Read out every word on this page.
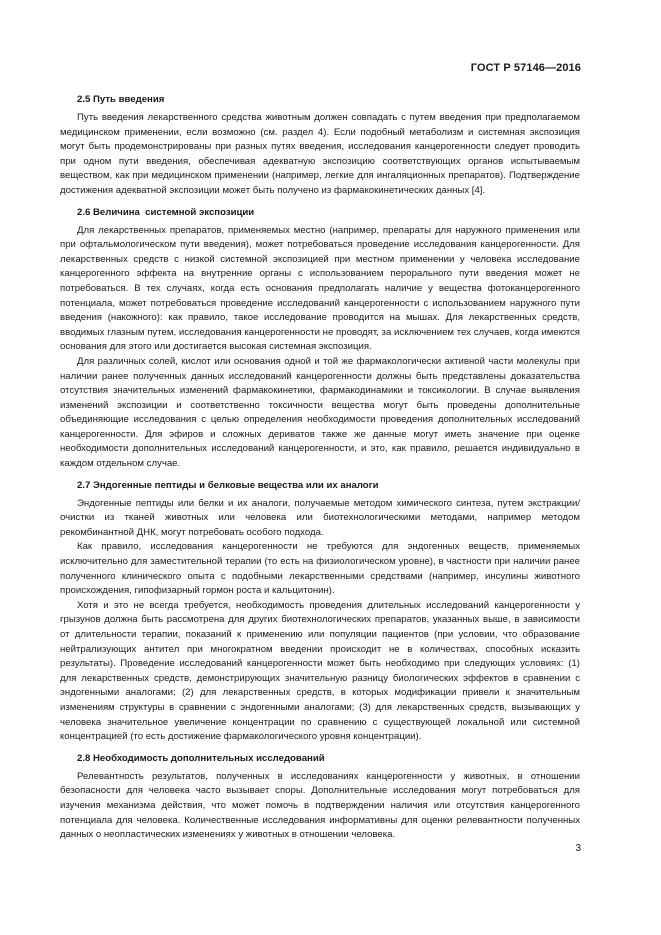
ГОСТ Р 57146—2016
2.5 Путь введения

Путь введения лекарственного средства животным должен совпадать с путем введения при предполагаемом медицинском применении, если возможно (см. раздел 4). Если подобный метаболизм и системная экспозиция могут быть продемонстрированы при разных путях введения, исследования канцерогенности следует проводить при одном пути введения, обеспечивая адекватную экспозицию соответствующих органов испытываемым веществом, как при медицинском применении (например, легкие для ингаляционных препаратов). Подтверждение достижения адекватной экспозиции может быть получено из фармакокинетических данных [4].

2.6 Величина  системной экспозиции

Для лекарственных препаратов, применяемых местно (например, препараты для наружного применения или при офтальмологическом пути введения), может потребоваться проведение исследования канцерогенности. Для лекарственных средств с низкой системной экспозицией при местном применении у человека исследование канцерогенного эффекта на внутренние органы с использованием перорального пути введения может не потребоваться. В тех случаях, когда есть основания предполагать наличие у вещества фотоканцерогенного потенциала, может потребоваться проведение исследований канцерогенности с использованием наружного пути введения (накожного): как правило, такое исследование проводится на мышах. Для лекарственных средств, вводимых глазным путем, исследования канцерогенности не проводят, за исключением тех случаев, когда имеются основания для этого или достигается высокая системная экспозиция.

Для различных солей, кислот или основания одной и той же фармакологически активной части молекулы при наличии ранее полученных данных исследований канцерогенности должны быть представлены доказательства отсутствия значительных изменений фармакокинетики, фармакодинамики и токсикологии. В случае выявления изменений экспозиции и соответственно токсичности вещества могут быть проведены дополнительные объединяющие исследования с целью определения необходимости проведения дополнительных исследований канцерогенности. Для эфиров и сложных дериватов также же данные могут иметь значение при оценке необходимости дополнительных исследований канцерогенности, и это, как правило, решается индивидуально в каждом отдельном случае.

2.7 Эндогенные пептиды и белковые вещества или их аналоги

Эндогенные пептиды или белки и их аналоги, получаемые методом химического синтеза, путем экстракции/очистки из тканей животных или человека или биотехнологическими методами, например методом рекомбинантной ДНК, могут потребовать особого подхода.

Как правило, исследования канцерогенности не требуются для эндогенных веществ, применяемых исключительно для заместительной терапии (то есть на физиологическом уровне), в частности при наличии ранее полученного клинического опыта с подобными лекарственными средствами (например, инсулины животного происхождения, гипофизарный гормон роста и кальцитонин).

Хотя и это не всегда требуется, необходимость проведения длительных исследований канцерогенности у грызунов должна быть рассмотрена для других биотехнологических препаратов, указанных выше, в зависимости от длительности терапии, показаний к применению или популяции пациентов (при условии, что образование нейтрализующих антител при многократном введении происходит не в количествах, способных исказить результаты). Проведение исследований канцерогенности может быть необходимо при следующих условиях: (1) для лекарственных средств, демонстрирующих значительную разницу биологических эффектов в сравнении с эндогенными аналогами; (2) для лекарственных средств, в которых модификации привели к значительным изменениям структуры в сравнении с эндогенными аналогами; (3) для лекарственных средств, вызывающих у человека значительное увеличение концентрации по сравнению с существующей локальной или системной концентрацией (то есть достижение фармакологического уровня концентрации).

2.8 Необходимость дополнительных исследований

Релевантность результатов, полученных в исследованиях канцерогенности у животных, в отношении безопасности для человека часто вызывает споры. Дополнительные исследования могут потребоваться для изучения механизма действия, что может помочь в подтверждении наличия или отсутствия канцерогенного потенциала для человека. Количественные исследования информативны для оценки релевантности полученных данных о неопластических изменениях у животных в отношении человека.

3
